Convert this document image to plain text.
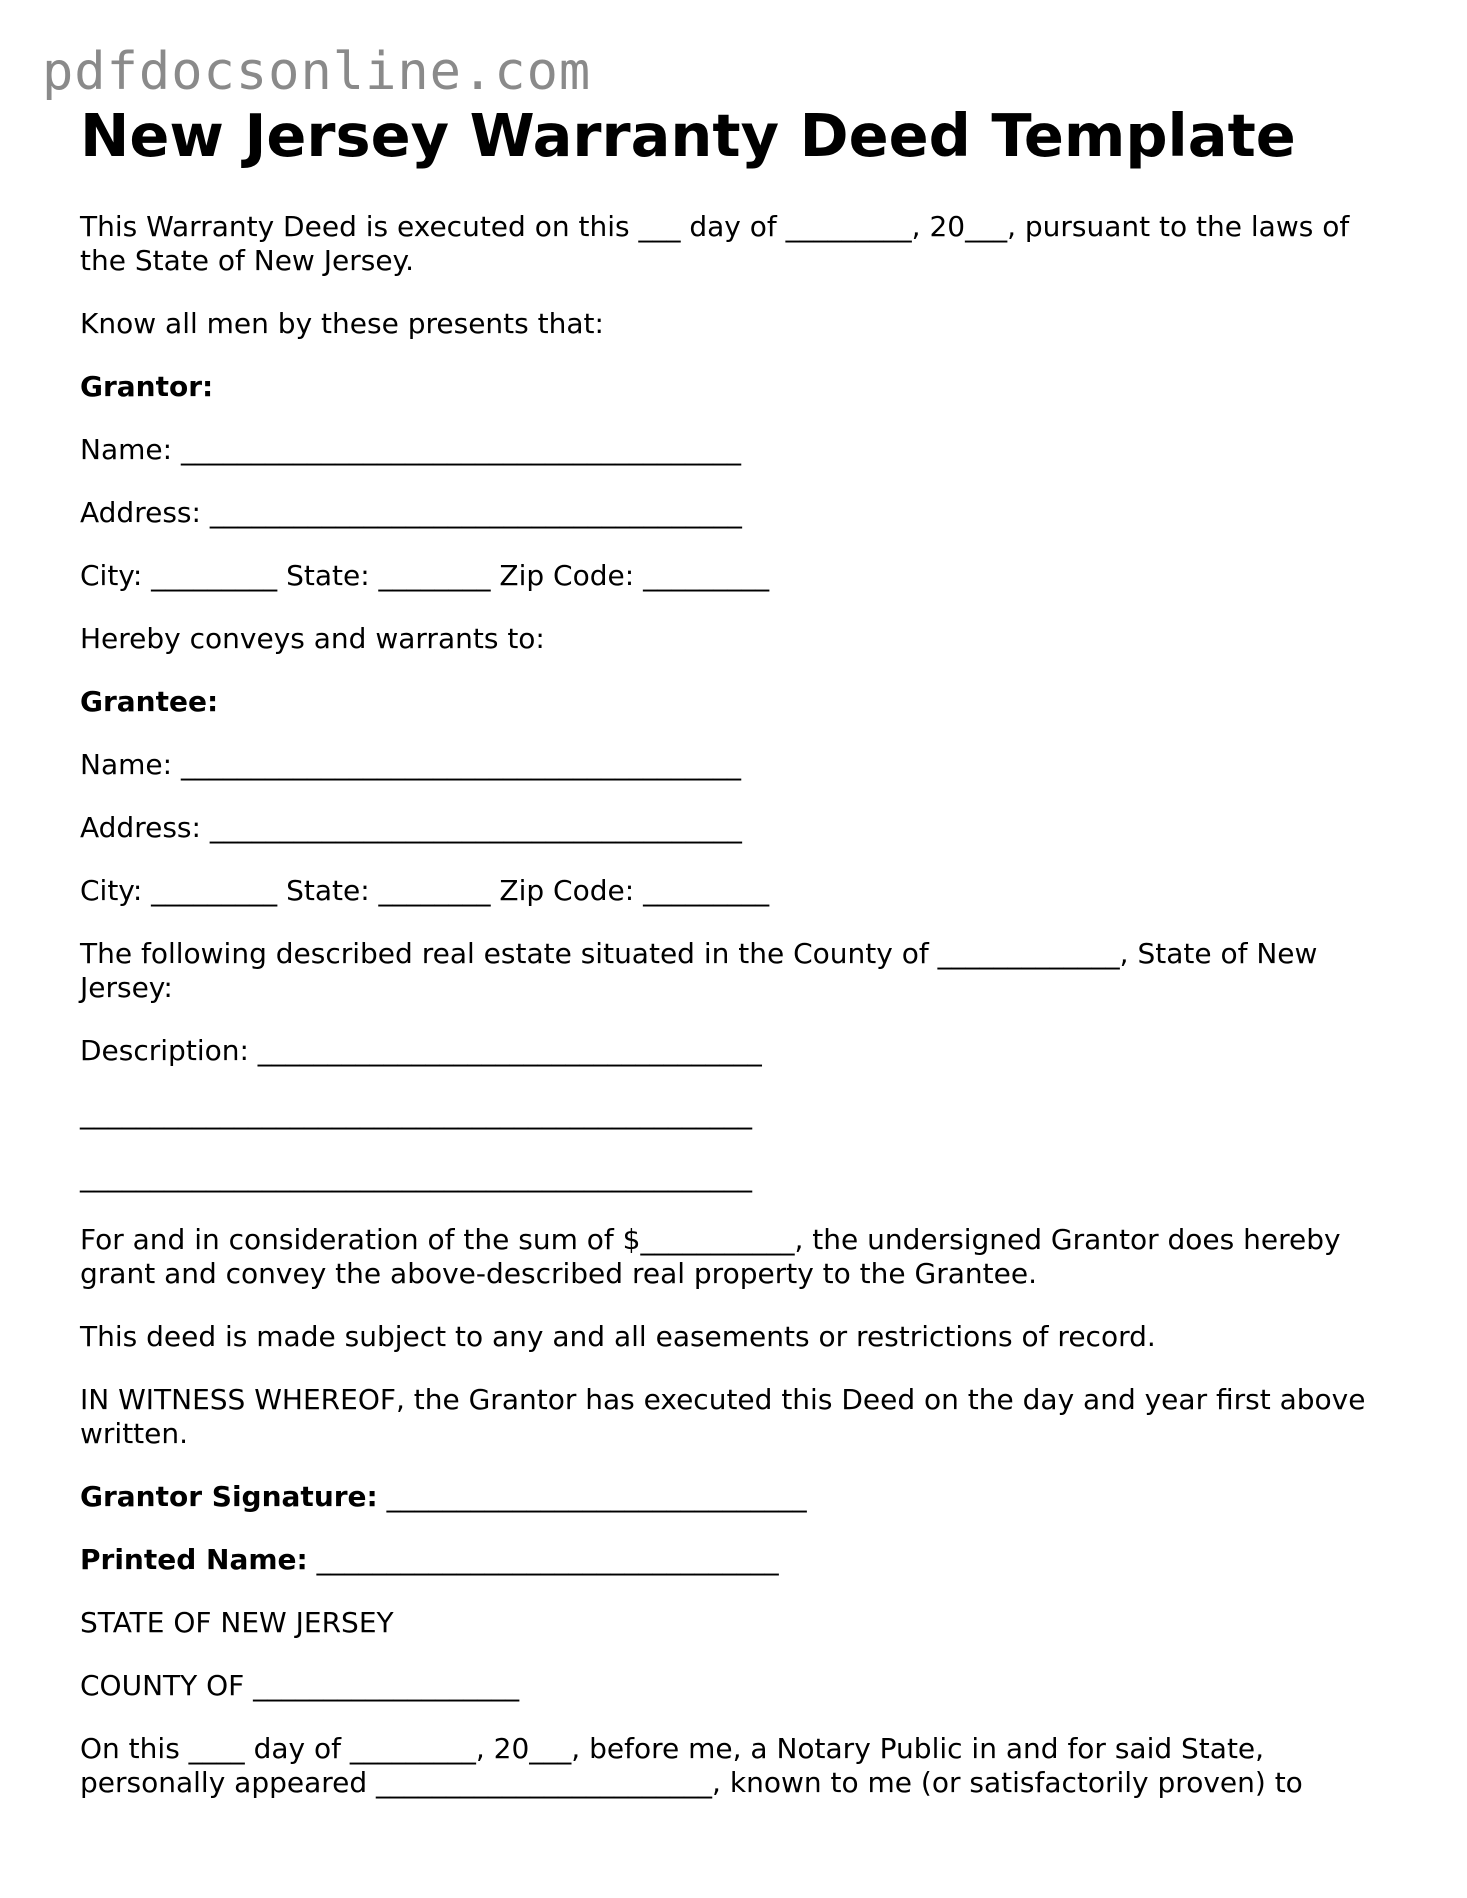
pdfdocsonline.com
New Jersey Warranty Deed Template

This Warranty Deed is executed on this ___ day of _________, 20___, pursuant to the laws of the State of New Jersey.

Know all men by these presents that:

Grantor:

Name: ________________________________________

Address: ______________________________________

City: _________ State: ________ Zip Code: _________

Hereby conveys and warrants to:

Grantee:

Name: ________________________________________

Address: ______________________________________

City: _________ State: ________ Zip Code: _________

The following described real estate situated in the County of _____________, State of New Jersey:

Description: ____________________________________

________________________________________________

________________________________________________

For and in consideration of the sum of $___________, the undersigned Grantor does hereby grant and convey the above-described real property to the Grantee.

This deed is made subject to any and all easements or restrictions of record.

IN WITNESS WHEREOF, the Grantor has executed this Deed on the day and year first above written.

Grantor Signature: ______________________________

Printed Name: _________________________________

STATE OF NEW JERSEY

COUNTY OF ___________________

On this ____ day of _________, 20___, before me, a Notary Public in and for said State, personally appeared ________________________, known to me (or satisfactorily proven) to
